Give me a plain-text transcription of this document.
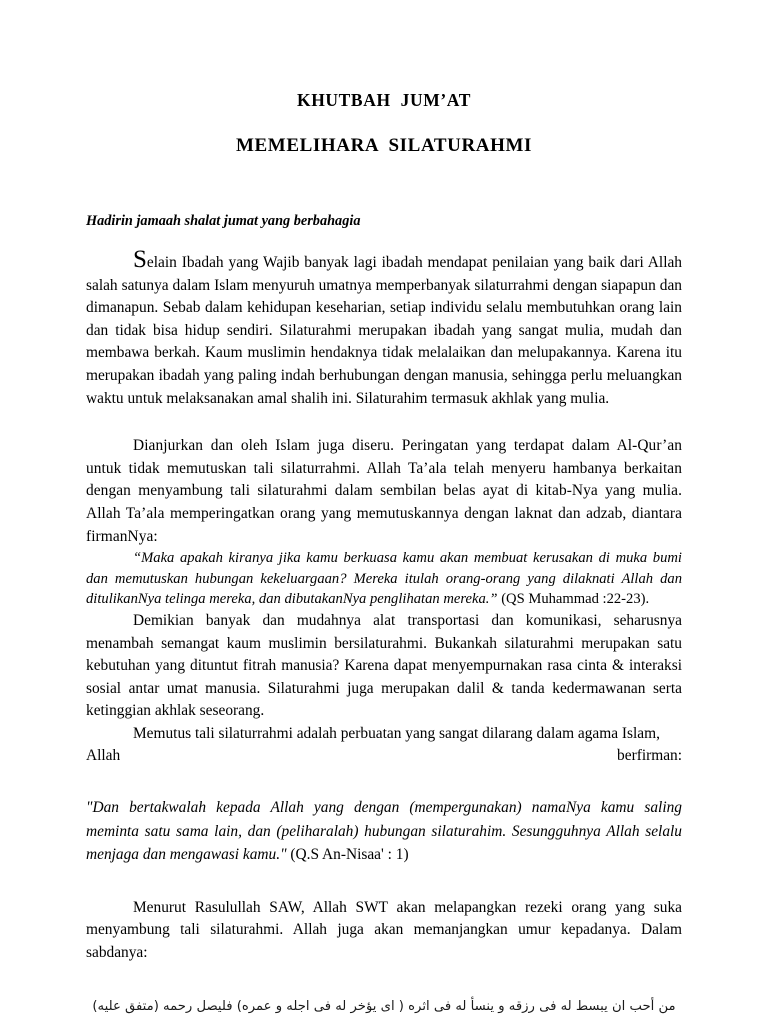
KHUTBAH JUM’AT
MEMELIHARA SILATURAHMI

Hadirin jamaah shalat jumat yang berbahagia

Selain Ibadah yang Wajib banyak lagi ibadah mendapat penilaian yang baik dari Allah salah satunya dalam Islam menyuruh umatnya memperbanyak silaturrahmi dengan siapapun dan dimanapun. Sebab dalam kehidupan keseharian, setiap individu selalu membutuhkan orang lain dan tidak bisa hidup sendiri. Silaturahmi merupakan ibadah yang sangat mulia, mudah dan membawa berkah. Kaum muslimin hendaknya tidak melalaikan dan melupakannya. Karena itu merupakan ibadah yang paling indah berhubungan dengan manusia, sehingga perlu meluangkan waktu untuk melaksanakan amal shalih ini. Silaturahim termasuk akhlak yang mulia.

Dianjurkan dan oleh Islam juga diseru. Peringatan yang terdapat dalam Al-Qur’an untuk tidak memutuskan tali silaturrahmi. Allah Ta’ala telah menyeru hambanya berkaitan dengan menyambung tali silaturahmi dalam sembilan belas ayat di kitab-Nya yang mulia. Allah Ta’ala memperingatkan orang yang memutuskannya dengan laknat dan adzab, diantara firmanNya:

“Maka apakah kiranya jika kamu berkuasa kamu akan membuat kerusakan di muka bumi dan memutuskan hubungan kekeluargaan? Mereka itulah orang-orang yang dilaknati Allah dan ditulikanNya telinga mereka, dan dibutakanNya penglihatan mereka.” (QS Muhammad :22-23).

Demikian banyak dan mudahnya alat transportasi dan komunikasi, seharusnya menambah semangat kaum muslimin bersilaturahmi. Bukankah silaturahmi merupakan satu kebutuhan yang dituntut fitrah manusia? Karena dapat menyempurnakan rasa cinta & interaksi sosial antar umat manusia. Silaturahmi juga merupakan dalil & tanda kedermawanan serta ketinggian akhlak seseorang.

Memutus tali silaturrahmi adalah perbuatan yang sangat dilarang dalam agama Islam,

Allah	berfirman:

"Dan bertakwalah kepada Allah yang dengan (mempergunakan) namaNya kamu saling meminta satu sama lain, dan (peliharalah) hubungan silaturahim. Sesungguhnya Allah selalu menjaga dan mengawasi kamu." (Q.S An-Nisaa' : 1)

Menurut Rasulullah SAW, Allah SWT akan melapangkan rezeki orang yang suka menyambung tali silaturahmi. Allah juga akan memanjangkan umur kepadanya. Dalam sabdanya:

من أحب ان يبسط له فى رزقه و ينسأ له فى اثره ( اى يؤخر له فى اجله و عمره) فليصل رحمه (متفق عليه)
